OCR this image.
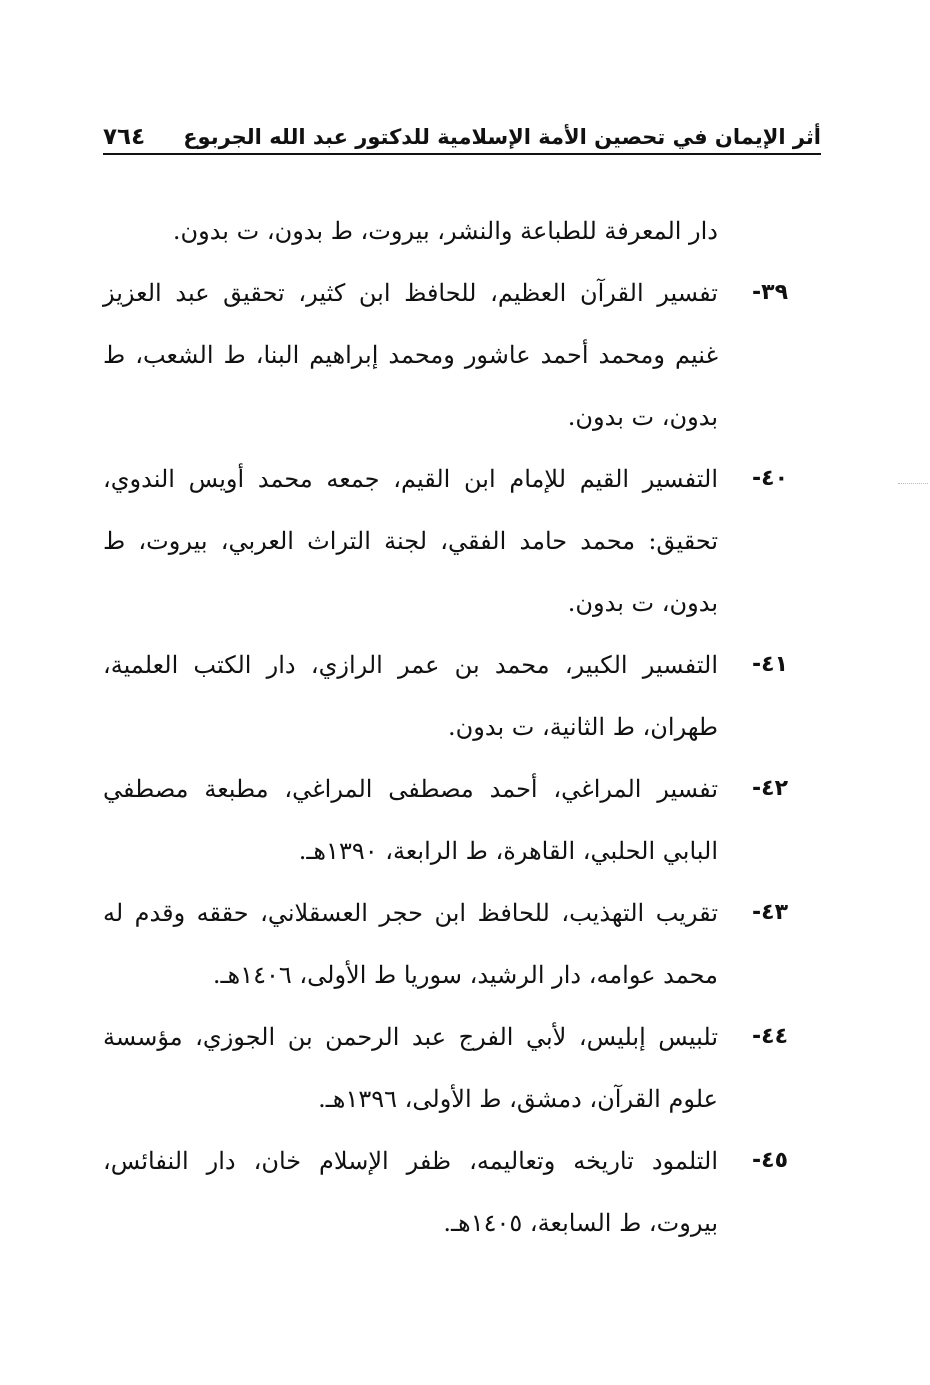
أثر الإيمان في تحصين الأمة الإسلامية للدكتور عبد الله الجربوع
٧٦٤
دار المعرفة للطباعة والنشر، بيروت، ط بدون، ت بدون.
٣٩-
تفسير القرآن العظيم، للحافظ ابن كثير، تحقيق عبد العزيز غنيم ومحمد أحمد عاشور ومحمد إبراهيم البنا، ط الشعب، ط بدون، ت بدون.
٤٠-
التفسير القيم للإمام ابن القيم، جمعه محمد أويس الندوي، تحقيق: محمد حامد الفقي، لجنة التراث العربي، بيروت، ط بدون، ت بدون.
٤١-
التفسير الكبير، محمد بن عمر الرازي، دار الكتب العلمية، طهران، ط الثانية، ت بدون.
٤٢-
تفسير المراغي، أحمد مصطفى المراغي، مطبعة مصطفي البابي الحلبي، القاهرة، ط الرابعة، ١٣٩٠هـ.
٤٣-
تقريب التهذيب، للحافظ ابن حجر العسقلاني، حققه وقدم له محمد عوامه، دار الرشيد، سوريا ط الأولى، ١٤٠٦هـ.
٤٤-
تلبيس إبليس، لأبي الفرج عبد الرحمن بن الجوزي، مؤسسة علوم القرآن، دمشق، ط الأولى، ١٣٩٦هـ.
٤٥-
التلمود تاريخه وتعاليمه، ظفر الإسلام خان، دار النفائس، بيروت، ط السابعة، ١٤٠٥هـ.
